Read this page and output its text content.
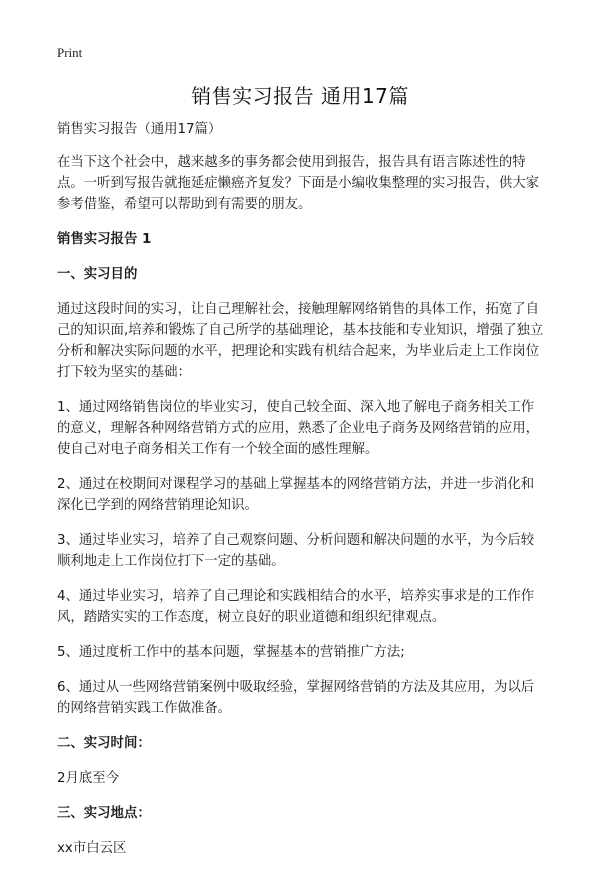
Print
销售实习报告 通用17篇

销售实习报告（通用17篇）

在当下这个社会中，越来越多的事务都会使用到报告，报告具有语言陈述性的特点。一听到写报告就拖延症懒癌齐复发？下面是小编收集整理的实习报告，供大家参考借鉴，希望可以帮助到有需要的朋友。

销售实习报告 1

一、实习目的

通过这段时间的实习，让自己理解社会，接触理解网络销售的具体工作，拓宽了自己的知识面,培养和锻炼了自己所学的基础理论，基本技能和专业知识，增强了独立分析和解决实际问题的水平，把理论和实践有机结合起来，为毕业后走上工作岗位打下较为坚实的基础：

1、通过网络销售岗位的毕业实习，使自己较全面、深入地了解电子商务相关工作的意义，理解各种网络营销方式的应用，熟悉了企业电子商务及网络营销的应用，使自己对电子商务相关工作有一个较全面的感性理解。

2、通过在校期间对课程学习的基础上掌握基本的网络营销方法，并进一步消化和深化已学到的网络营销理论知识。

3、通过毕业实习，培养了自己观察问题、分析问题和解决问题的水平，为今后较顺利地走上工作岗位打下一定的基础。

4、通过毕业实习，培养了自己理论和实践相结合的水平，培养实事求是的工作作风，踏踏实实的工作态度，树立良好的职业道德和组织纪律观点。

5、通过度析工作中的基本问题，掌握基本的营销推广方法;

6、通过从一些网络营销案例中吸取经验，掌握网络营销的方法及其应用，为以后的网络营销实践工作做准备。

二、实习时间：

2月底至今

三、实习地点：

xx市白云区
